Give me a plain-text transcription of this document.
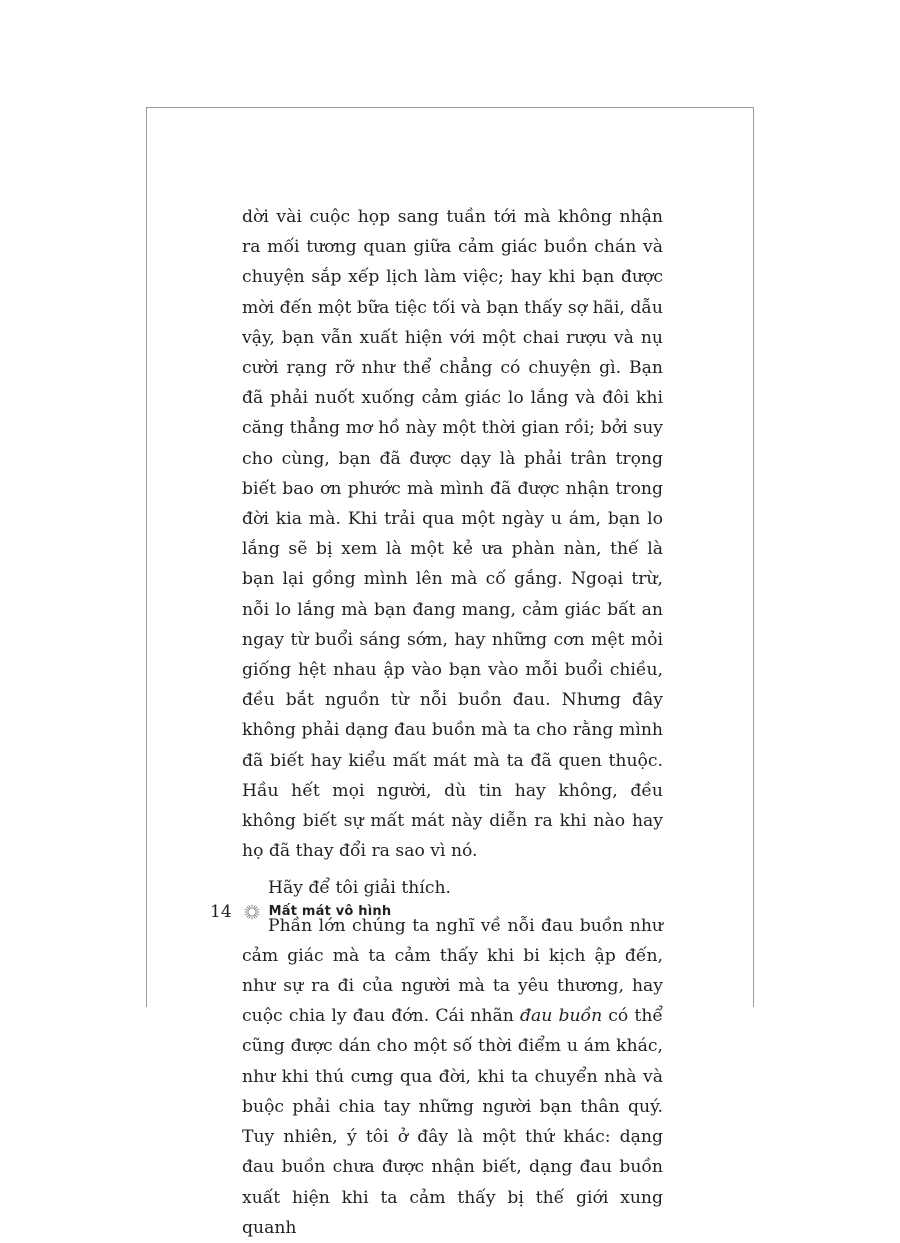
dời vài cuộc họp sang tuần tới mà không nhận ra mối tương quan giữa cảm giác buồn chán và chuyện sắp xếp lịch làm việc; hay khi bạn được mời đến một bữa tiệc tối và bạn thấy sợ hãi, dẫu vậy, bạn vẫn xuất hiện với một chai rượu và nụ cười rạng rỡ như thể chẳng có chuyện gì. Bạn đã phải nuốt xuống cảm giác lo lắng và đôi khi căng thẳng mơ hồ này một thời gian rồi; bởi suy cho cùng, bạn đã được dạy là phải trân trọng biết bao ơn phước mà mình đã được nhận trong đời kia mà. Khi trải qua một ngày u ám, bạn lo lắng sẽ bị xem là một kẻ ưa phàn nàn, thế là bạn lại gồng mình lên mà cố gắng. Ngoại trừ, nỗi lo lắng mà bạn đang mang, cảm giác bất an ngay từ buổi sáng sớm, hay những cơn mệt mỏi giống hệt nhau ập vào bạn vào mỗi buổi chiều, đều bắt nguồn từ nỗi buồn đau. Nhưng đây không phải dạng đau buồn mà ta cho rằng mình đã biết hay kiểu mất mát mà ta đã quen thuộc. Hầu hết mọi người, dù tin hay không, đều không biết sự mất mát này diễn ra khi nào hay họ đã thay đổi ra sao vì nó.

Hãy để tôi giải thích.

Phần lớn chúng ta nghĩ về nỗi đau buồn như cảm giác mà ta cảm thấy khi bi kịch ập đến, như sự ra đi của người mà ta yêu thương, hay cuộc chia ly đau đớn. Cái nhãn đau buồn có thể cũng được dán cho một số thời điểm u ám khác, như khi thú cưng qua đời, khi ta chuyển nhà và buộc phải chia tay những người bạn thân quý. Tuy nhiên, ý tôi ở đây là một thứ khác: dạng đau buồn chưa được nhận biết, dạng đau buồn xuất hiện khi ta cảm thấy bị thế giới xung quanh

14	Mất mát vô hình
